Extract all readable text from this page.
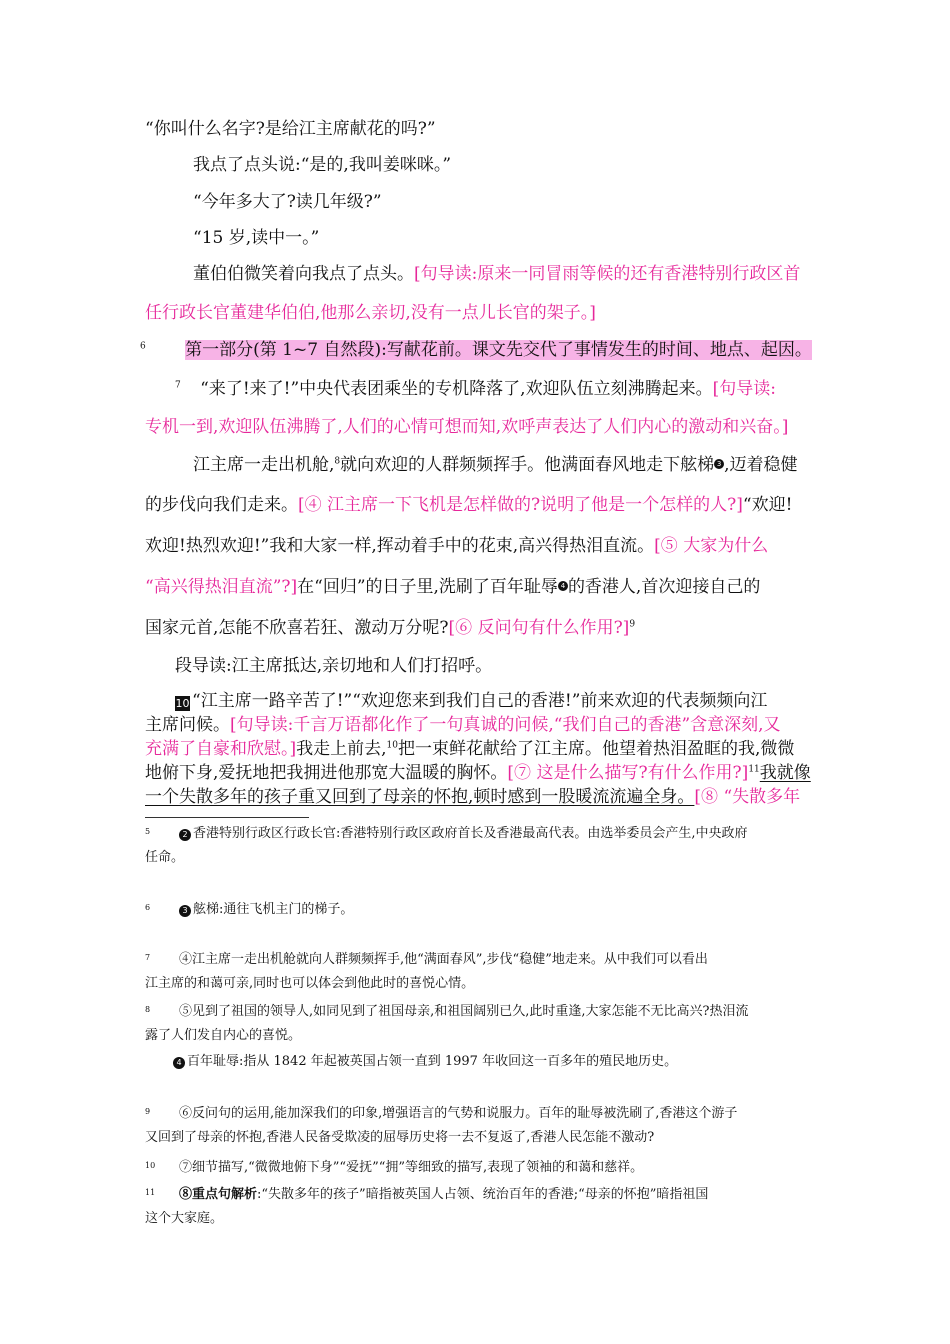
“你叫什么名字?是给江主席献花的吗?”
我点了点头说:“是的,我叫姜咪咪。”
“今年多大了?读几年级?”
“15 岁,读中一。”
董伯伯微笑着向我点了点头。[句导读:原来一同冒雨等候的还有香港特别行政区首
任行政长官董建华伯伯,他那么亲切,没有一点儿长官的架子。]
$^6$ 第一部分(第 1~7 自然段):写献花前。课文先交代了事情发生的时间、地点、起因。
$^7$ “来了!来了!”中央代表团乘坐的专机降落了,欢迎队伍立刻沸腾起来。[句导读:
专机一到,欢迎队伍沸腾了,人们的心情可想而知,欢呼声表达了人们内心的激动和兴奋。]
江主席一走出机舱,$^8$就向欢迎的人群频频挥手。他满面春风地走下舷梯 3 ,迈着稳健
的步伐向我们走来。[④ 江主席一下飞机是怎样做的?说明了他是一个怎样的人?]“欢迎!
欢迎!热烈欢迎!”我和大家一样,挥动着手中的花束,高兴得热泪直流。[⑤ 大家为什么
“高兴得热泪直流”?]在“回归”的日子里,洗刷了百年耻辱 4 的香港人,首次迎接自己的
国家元首,怎能不欣喜若狂、激动万分呢?[⑥ 反问句有什么作用?]$^9$
段导读:江主席抵达,亲切地和人们打招呼。
10 “江主席一路辛苦了!”“欢迎您来到我们自己的香港!”前来欢迎的代表频频向江
主席问候。[句导读:千言万语都化作了一句真诚的问候,“我们自己的香港”含意深刻,又
充满了自豪和欣慰。]我走上前去,$^{10}$把一束鲜花献给了江主席。他望着热泪盈眶的我,微微
地俯下身,爱抚地把我拥进他那宽大温暖的胸怀。[⑦ 这是什么描写?有什么作用?]$^{11}$我就像
一个失散多年的孩子重又回到了母亲的怀抱,顿时感到一股暖流流遍全身。[⑧ “失散多年
5	2 香港特别行政区行政长官:香港特别行政区政府首长及香港最高代表。由选举委员会产生,中央政府
任命。
6	3 舷梯:通往飞机主门的梯子。
7 ④江主席一走出机舱就向人群频频挥手,他“满面春风”,步伐“稳健”地走来。从中我们可以看出
江主席的和蔼可亲,同时也可以体会到他此时的喜悦心情。
8 ⑤见到了祖国的领导人,如同见到了祖国母亲,和祖国阔别已久,此时重逢,大家怎能不无比高兴?热泪流
露了人们发自内心的喜悦。
4 百年耻辱:指从 1842 年起被英国占领一直到 1997 年收回这一百多年的殖民地历史。
9 ⑥反问句的运用,能加深我们的印象,增强语言的气势和说服力。百年的耻辱被洗刷了,香港这个游子
又回到了母亲的怀抱,香港人民备受欺凌的屈辱历史将一去不复返了,香港人民怎能不激动?
10 ⑦细节描写,“微微地俯下身”“爱抚”“拥”等细致的描写,表现了领袖的和蔼和慈祥。
11 ⑧重点句解析:“失散多年的孩子”暗指被英国人占领、统治百年的香港;“母亲的怀抱”暗指祖国
这个大家庭。
